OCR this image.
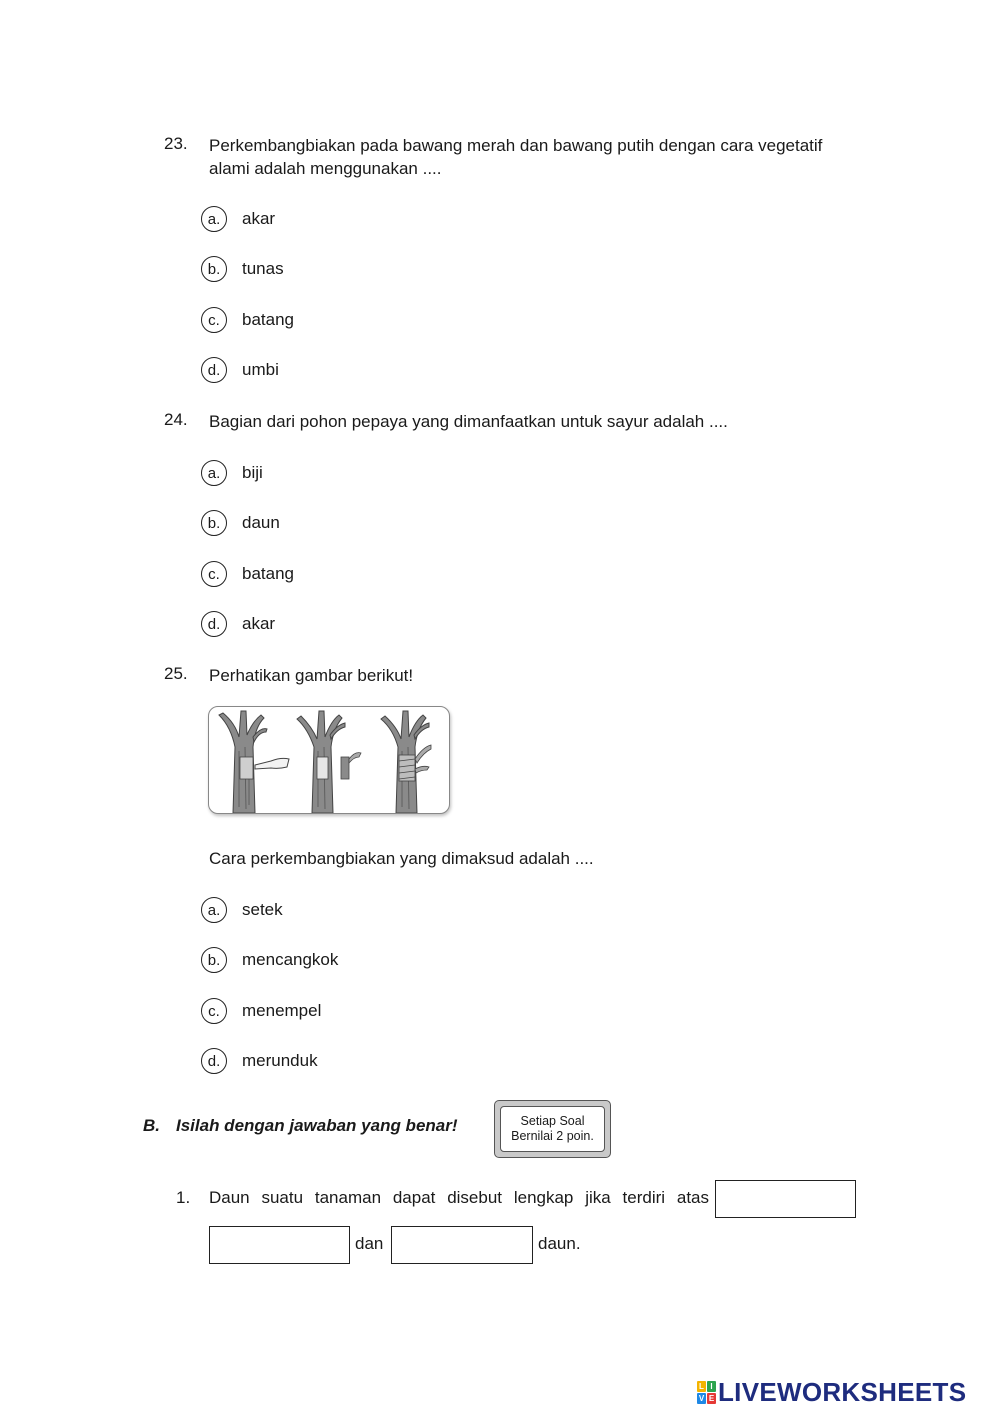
23. Perkembangbiakan pada bawang merah dan bawang putih dengan cara vegetatif
alami adalah menggunakan ....
a.	akar
b.	tunas
c.	batang
d.	umbi
24. Bagian dari pohon pepaya yang dimanfaatkan untuk sayur adalah ....
a.	biji
b.	daun
c.	batang
d.	akar
25. Perhatikan gambar berikut!
Cara perkembangbiakan yang dimaksud adalah ....
a.	setek
b.	mencangkok
c.	menempel
d.	merunduk
B. Isilah dengan jawaban yang benar!	Setiap Soal
Bernilai 2 poin.
1. Daun suatu tanaman dapat disebut lengkap jika terdiri atas
dan	daun.
L I
V E LIVEWORKSHEETS
